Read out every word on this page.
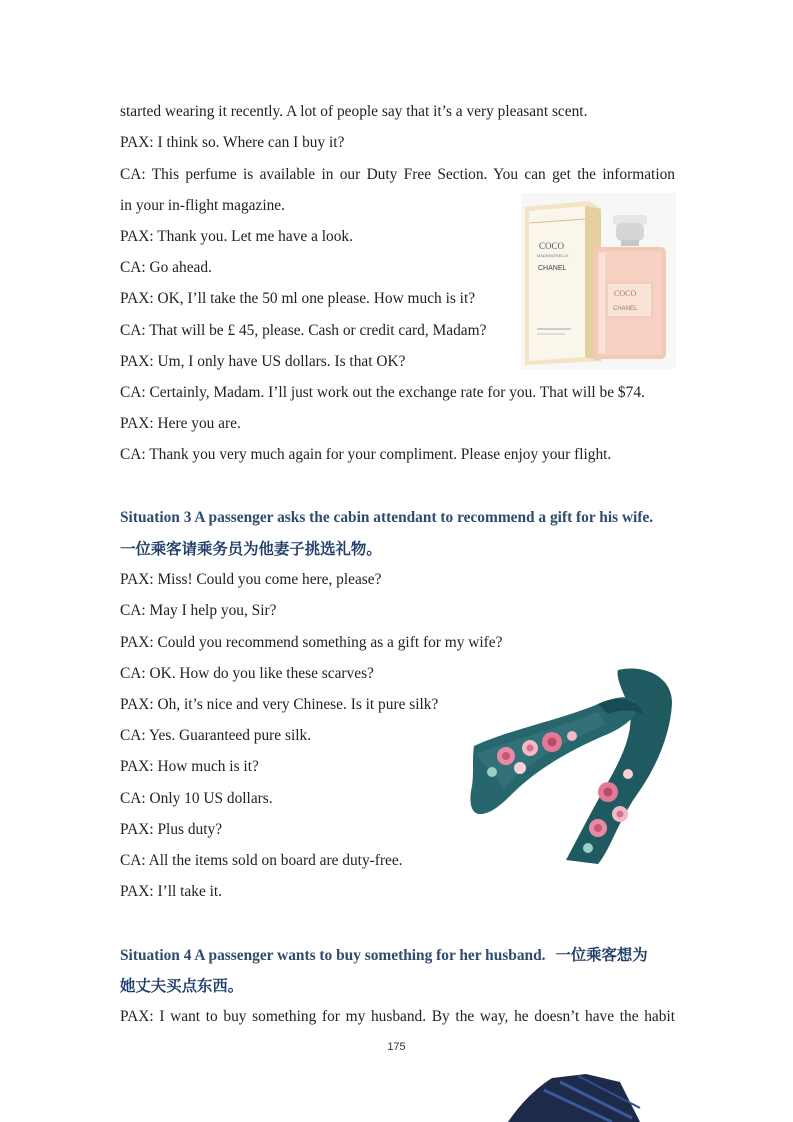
started wearing it recently. A lot of people say that it’s a very pleasant scent.
PAX: I think so. Where can I buy it?
CA: This perfume is available in our Duty Free Section. You can get the information
in your in-flight magazine.
PAX: Thank you. Let me have a look.
CA: Go ahead.
PAX: OK, I’ll take the 50 ml one please. How much is it?
CA: That will be £ 45, please. Cash or credit card, Madam?
PAX: Um, I only have US dollars. Is that OK?
CA: Certainly, Madam. I’ll just work out the exchange rate for you. That will be $74.
PAX: Here you are.
CA: Thank you very much again for your compliment. Please enjoy your flight.
COCO
MADEMOISELLE
CHANEL
COCO
CHANEL
Situation 3 A passenger asks the cabin attendant to recommend a gift for his wife.
一位乘客请乘务员为他妻子挑选礼物。
PAX: Miss! Could you come here, please?
CA: May I help you, Sir?
PAX: Could you recommend something as a gift for my wife?
CA: OK. How do you like these scarves?
PAX: Oh, it’s nice and very Chinese. Is it pure silk?
CA: Yes. Guaranteed pure silk.
PAX: How much is it?
CA: Only 10 US dollars.
PAX: Plus duty?
CA: All the items sold on board are duty-free.
PAX: I’ll take it.
Situation 4 A passenger wants to buy something for her husband. 一位乘客想为
她丈夫买点东西。
PAX: I want to buy something for my husband. By the way, he doesn’t have the habit
175
